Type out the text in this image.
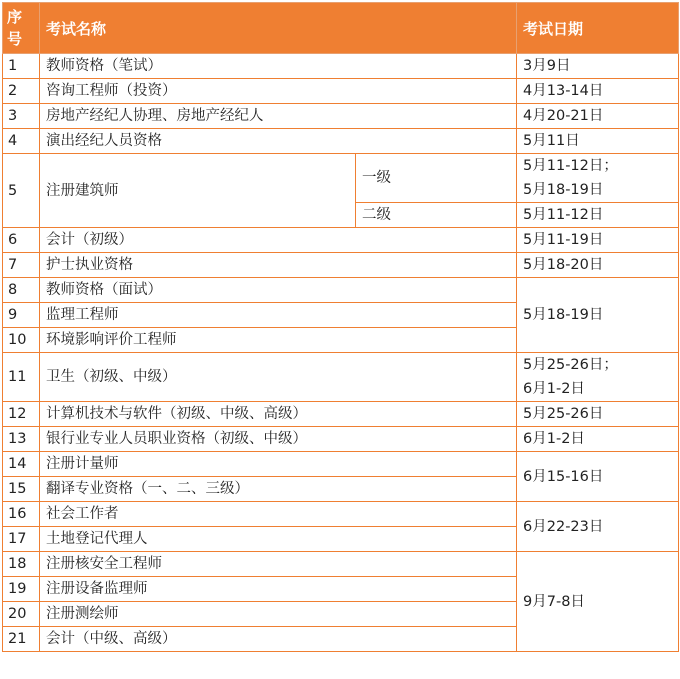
序号	考试名称		考试日期
1	教师资格（笔试）		3月9日
2	咨询工程师（投资）		4月13-14日
3	房地产经纪人协理、房地产经纪人		4月20-21日
4	演出经纪人员资格		5月11日
5	注册建筑师	一级	5月11-12日；
5月18-19日
		二级	5月11-12日
6	会计（初级）		5月11-19日
7	护士执业资格		5月18-20日
8	教师资格（面试）		5月18-19日
9	监理工程师		
10	环境影响评价工程师		
11	卫生（初级、中级）		5月25-26日；
6月1-2日
12	计算机技术与软件（初级、中级、高级）		5月25-26日
13	银行业专业人员职业资格（初级、中级）		6月1-2日
14	注册计量师		6月15-16日
15	翻译专业资格（一、二、三级）		
16	社会工作者		6月22-23日
17	土地登记代理人		
18	注册核安全工程师		9月7-8日
19	注册设备监理师		
20	注册测绘师		
21	会计（中级、高级）		
